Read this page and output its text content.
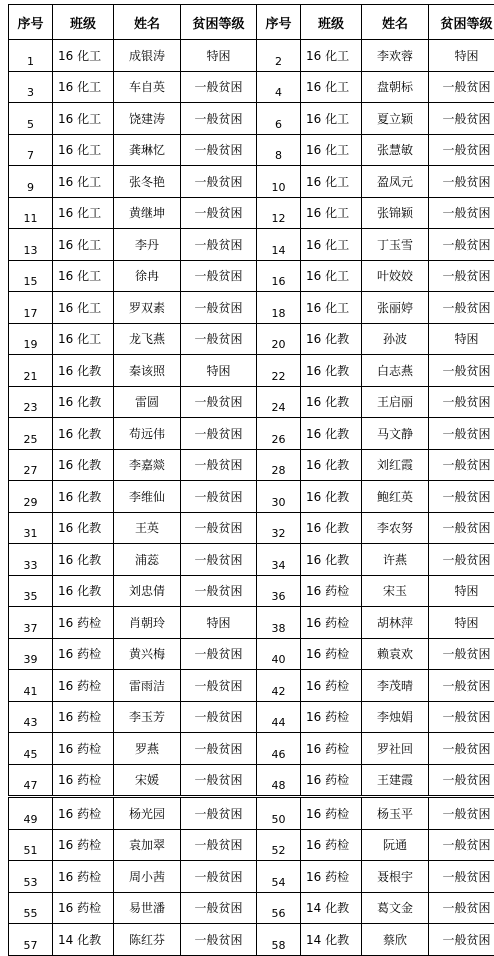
序号	班级	姓名	贫困等级	序号	班级	姓名	贫困等级
1	16 化工	成银涛	特困	2	16 化工	李欢蓉	特困
3	16 化工	车自英	一般贫困	4	16 化工	盘朝标	一般贫困
5	16 化工	饶建涛	一般贫困	6	16 化工	夏立颖	一般贫困
7	16 化工	龚琳忆	一般贫困	8	16 化工	张慧敏	一般贫困
9	16 化工	张冬艳	一般贫困	10	16 化工	盈凤元	一般贫困
11	16 化工	黄继坤	一般贫困	12	16 化工	张锦颖	一般贫困
13	16 化工	李丹	一般贫困	14	16 化工	丁玉雪	一般贫困
15	16 化工	徐冉	一般贫困	16	16 化工	叶姣姣	一般贫困
17	16 化工	罗双素	一般贫困	18	16 化工	张丽婷	一般贫困
19	16 化工	龙飞燕	一般贫困	20	16 化教	孙波	特困
21	16 化教	秦该照	特困	22	16 化教	白志燕	一般贫困
23	16 化教	雷圆	一般贫困	24	16 化教	王启丽	一般贫困
25	16 化教	苟远伟	一般贫困	26	16 化教	马文静	一般贫困
27	16 化教	李嘉燚	一般贫困	28	16 化教	刘红霞	一般贫困
29	16 化教	李维仙	一般贫困	30	16 化教	鲍红英	一般贫困
31	16 化教	王英	一般贫困	32	16 化教	李农努	一般贫困
33	16 化教	浦蕊	一般贫困	34	16 化教	许燕	一般贫困
35	16 化教	刘忠倩	一般贫困	36	16 药检	宋玉	特困
37	16 药检	肖朝玲	特困	38	16 药检	胡林萍	特困
39	16 药检	黄兴梅	一般贫困	40	16 药检	赖袁欢	一般贫困
41	16 药检	雷雨洁	一般贫困	42	16 药检	李茂晴	一般贫困
43	16 药检	李玉芳	一般贫困	44	16 药检	李烛娟	一般贫困
45	16 药检	罗燕	一般贫困	46	16 药检	罗社回	一般贫困
47	16 药检	宋媛	一般贫困	48	16 药检	王建霞	一般贫困
49	16 药检	杨光园	一般贫困	50	16 药检	杨玉平	一般贫困
51	16 药检	袁加翠	一般贫困	52	16 药检	阮通	一般贫困
53	16 药检	周小茜	一般贫困	54	16 药检	聂根宇	一般贫困
55	16 药检	易世潘	一般贫困	56	14 化教	葛文金	一般贫困
57	14 化教	陈红芬	一般贫困	58	14 化教	蔡欣	一般贫困
